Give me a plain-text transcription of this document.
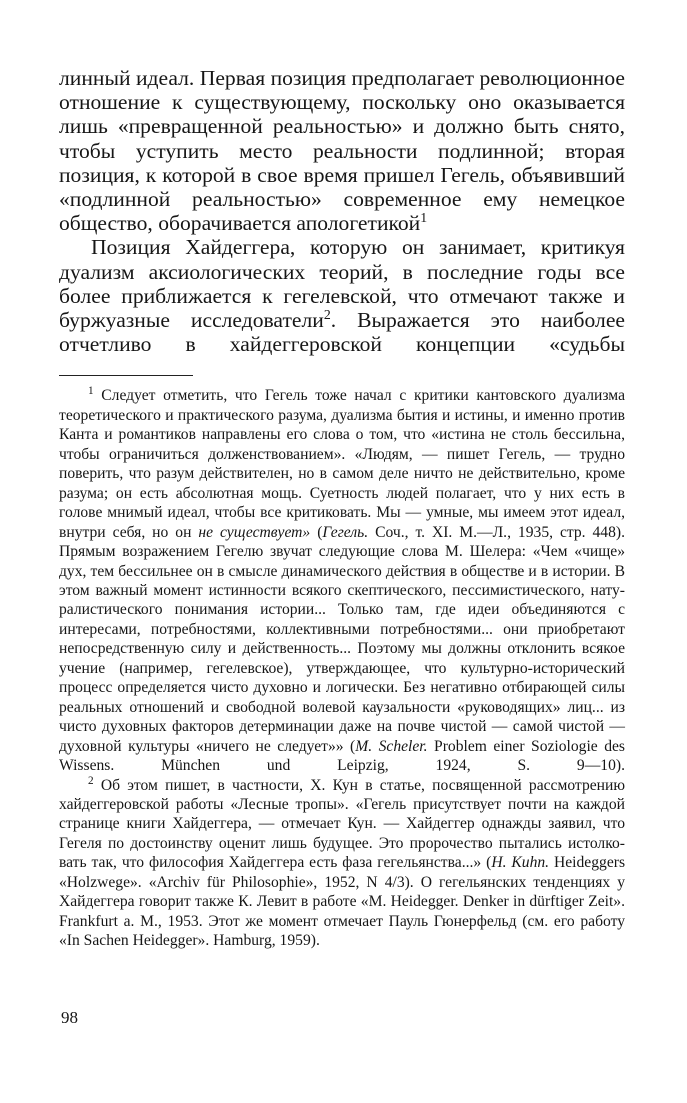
линный идеал. Первая позиция предполагает революционное отношение к существующему, поскольку оно оказывается лишь «превращенной реальностью» и должно быть снято, чтобы уступить место реальности подлинной; вторая позиция, к которой в свое время пришел Гегель, объявивший «подлинной реальностью» современное ему немецкое общество, оборачивается апологетикой$^1$

Позиция Хайдеггера, которую он занимает, критикуя дуализм аксиологических теорий, в последние годы все более приближается к гегелевской, что отмечают также и буржуазные исследователи$^2$. Выражается это наиболее отчетливо в хайдеггеровской концепции «судьбы

$^1$ Следует отметить, что Гегель тоже начал с критики кантовского дуализма теоретического и практического разума, дуализма бытия и истины, и именно против Канта и романтиков направлены его слова о том, что «истина не столь бессильна, чтобы ограничиться долженствованием». «Людям, — пишет Гегель, — трудно поверить, что разум действителен, но в самом деле ничто не действительно, кроме разума; он есть абсолютная мощь. Суетность людей полагает, что у них есть в голове мнимый идеал, чтобы все критиковать. Мы — умные, мы имеем этот идеал, внутри себя, но он не существует» (Гегель. Соч., т. XI. М.—Л., 1935, стр. 448). Прямым возражением Гегелю звучат следующие слова М. Шелера: «Чем «чище» дух, тем бессильнее он в смысле динамического действия в обществе и в истории. В этом важный момент истинности всякого скептического, пессимистического, натуралистического понимания истории... Только там, где идеи объединяются с интересами, потребностями, коллективными потребностями... они приобретают непосредственную силу и действенность... Поэтому мы должны отклонить всякое учение (например, гегелевское), утверждающее, что культурно-исторический процесс определяется чисто духовно и логически. Без негативно отбирающей силы реальных отношений и свободной волевой каузальности «руководящих» лиц... из чисто духовных факторов детерминации даже на почве чистой — самой чистой — духовной культуры «ничего не следует»» (M. Scheler. Problem einer Soziologie des Wissens. München und Leipzig, 1924, S. 9—10).

$^2$ Об этом пишет, в частности, Х. Кун в статье, посвященной рассмотрению хайдеггеровской работы «Лесные тропы». «Гегель присутствует почти на каждой странице книги Хайдеггера, — отмечает Кун. — Хайдеггер однажды заявил, что Гегеля по достоинству оценит лишь будущее. Это пророчество пытались истолковать так, что философия Хайдеггера есть фаза гегельянства...» (H. Kuhn. Heideggers «Holzwege». «Archiv für Philosophie», 1952, N 4/3). О гегельянских тенденциях у Хайдеггера говорит также К. Левит в работе «M. Heidegger. Denker in dürftiger Zeit». Frankfurt a. M., 1953. Этот же момент отмечает Пауль Гюнерфельд (см. его работу «In Sachen Heidegger». Hamburg, 1959).

98
